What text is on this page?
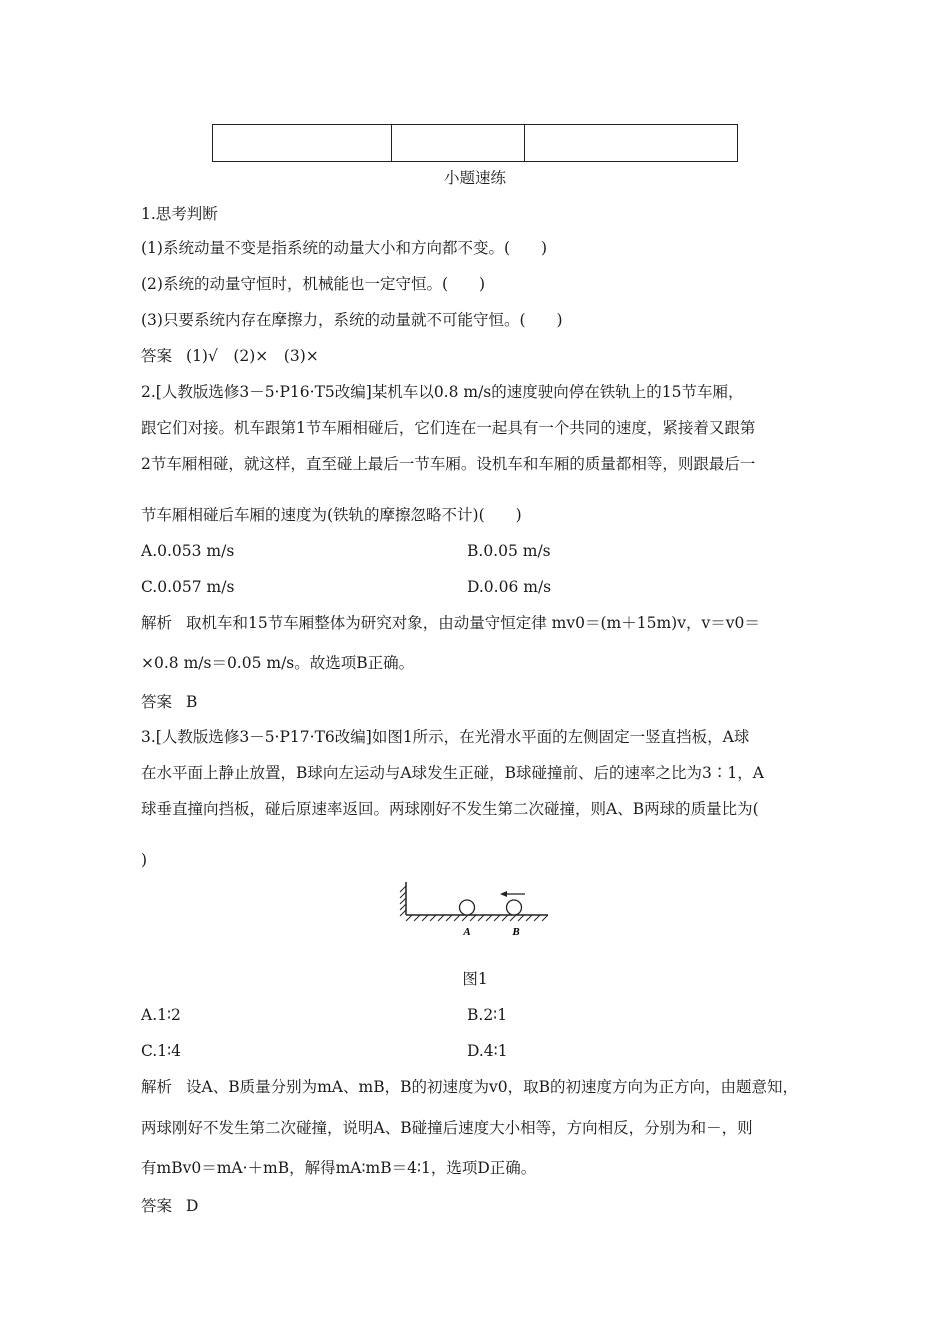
小题速练
1.思考判断
(1)系统动量不变是指系统的动量大小和方向都不变。(　　)
(2)系统的动量守恒时，机械能也一定守恒。(　　)
(3)只要系统内存在摩擦力，系统的动量就不可能守恒。(　　)
答案 (1)√　(2)×　(3)×
2.[人教版选修3－5·P16·T5改编]某机车以0.8 m/s的速度驶向停在铁轨上的15节车厢，
跟它们对接。机车跟第1节车厢相碰后，它们连在一起具有一个共同的速度，紧接着又跟第
2节车厢相碰，就这样，直至碰上最后一节车厢。设机车和车厢的质量都相等，则跟最后一
节车厢相碰后车厢的速度为(铁轨的摩擦忽略不计)(　　)
A.0.053 m/s	B.0.05 m/s
C.0.057 m/s	D.0.06 m/s
解析 取机车和15节车厢整体为研究对象，由动量守恒定律 mv0＝(m＋15m)v，v＝v0＝
×0.8 m/s＝0.05 m/s。故选项B正确。
答案 B
3.[人教版选修3－5·P17·T6改编]如图1所示，在光滑水平面的左侧固定一竖直挡板，A球
在水平面上静止放置，B球向左运动与A球发生正碰，B球碰撞前、后的速率之比为3∶1，A
球垂直撞向挡板，碰后原速率返回。两球刚好不发生第二次碰撞，则A、B两球的质量比为(
)
A	B
图1
A.1∶2	B.2∶1
C.1∶4	D.4∶1
解析 设A、B质量分别为mA、mB，B的初速度为v0，取B的初速度方向为正方向，由题意知，
两球刚好不发生第二次碰撞，说明A、B碰撞后速度大小相等，方向相反，分别为和－，则
有mBv0＝mA·＋mB，解得mA∶mB＝4∶1，选项D正确。
答案 D
